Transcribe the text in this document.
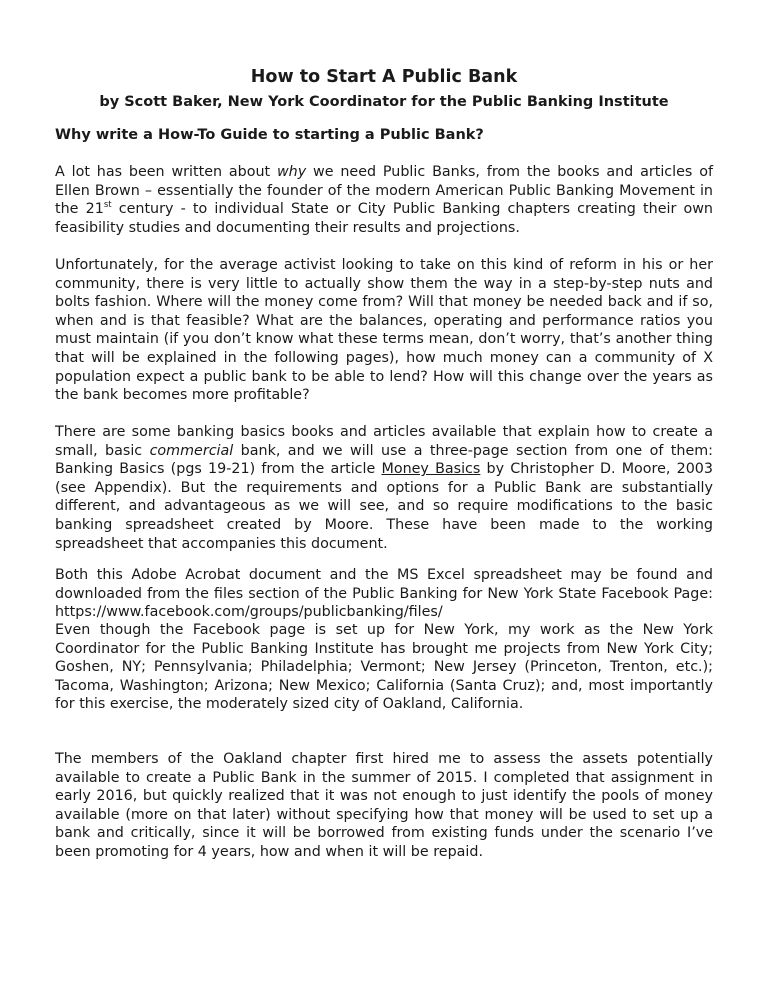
How to Start A Public Bank
by Scott Baker, New York Coordinator for the Public Banking Institute
Why write a How-To Guide to starting a Public Bank?

A lot has been written about why we need Public Banks, from the books and articles of Ellen Brown – essentially the founder of the modern American Public Banking Movement in the 21st century - to individual State or City Public Banking chapters creating their own feasibility studies and documenting their results and projections.

Unfortunately, for the average activist looking to take on this kind of reform in his or her community, there is very little to actually show them the way in a step-by-step nuts and bolts fashion. Where will the money come from? Will that money be needed back and if so, when and is that feasible? What are the balances, operating and performance ratios you must maintain (if you don’t know what these terms mean, don’t worry, that’s another thing that will be explained in the following pages), how much money can a community of X population expect a public bank to be able to lend? How will this change over the years as the bank becomes more profitable?

There are some banking basics books and articles available that explain how to create a small, basic commercial bank, and we will use a three-page section from one of them: Banking Basics (pgs 19-21) from the article Money Basics by Christopher D. Moore, 2003 (see Appendix). But the requirements and options for a Public Bank are substantially different, and advantageous as we will see, and so require modifications to the basic banking spreadsheet created by Moore. These have been made to the working spreadsheet that accompanies this document.

Both this Adobe Acrobat document and the MS Excel spreadsheet may be found and downloaded from the files section of the Public Banking for New York State Facebook Page: https://www.facebook.com/groups/publicbanking/files/

Even though the Facebook page is set up for New York, my work as the New York Coordinator for the Public Banking Institute has brought me projects from New York City; Goshen, NY; Pennsylvania; Philadelphia; Vermont; New Jersey (Princeton, Trenton, etc.); Tacoma, Washington; Arizona; New Mexico; California (Santa Cruz); and, most importantly for this exercise, the moderately sized city of Oakland, California.

The members of the Oakland chapter first hired me to assess the assets potentially available to create a Public Bank in the summer of 2015. I completed that assignment in early 2016, but quickly realized that it was not enough to just identify the pools of money available (more on that later) without specifying how that money will be used to set up a bank and critically, since it will be borrowed from existing funds under the scenario I’ve been promoting for 4 years, how and when it will be repaid.
